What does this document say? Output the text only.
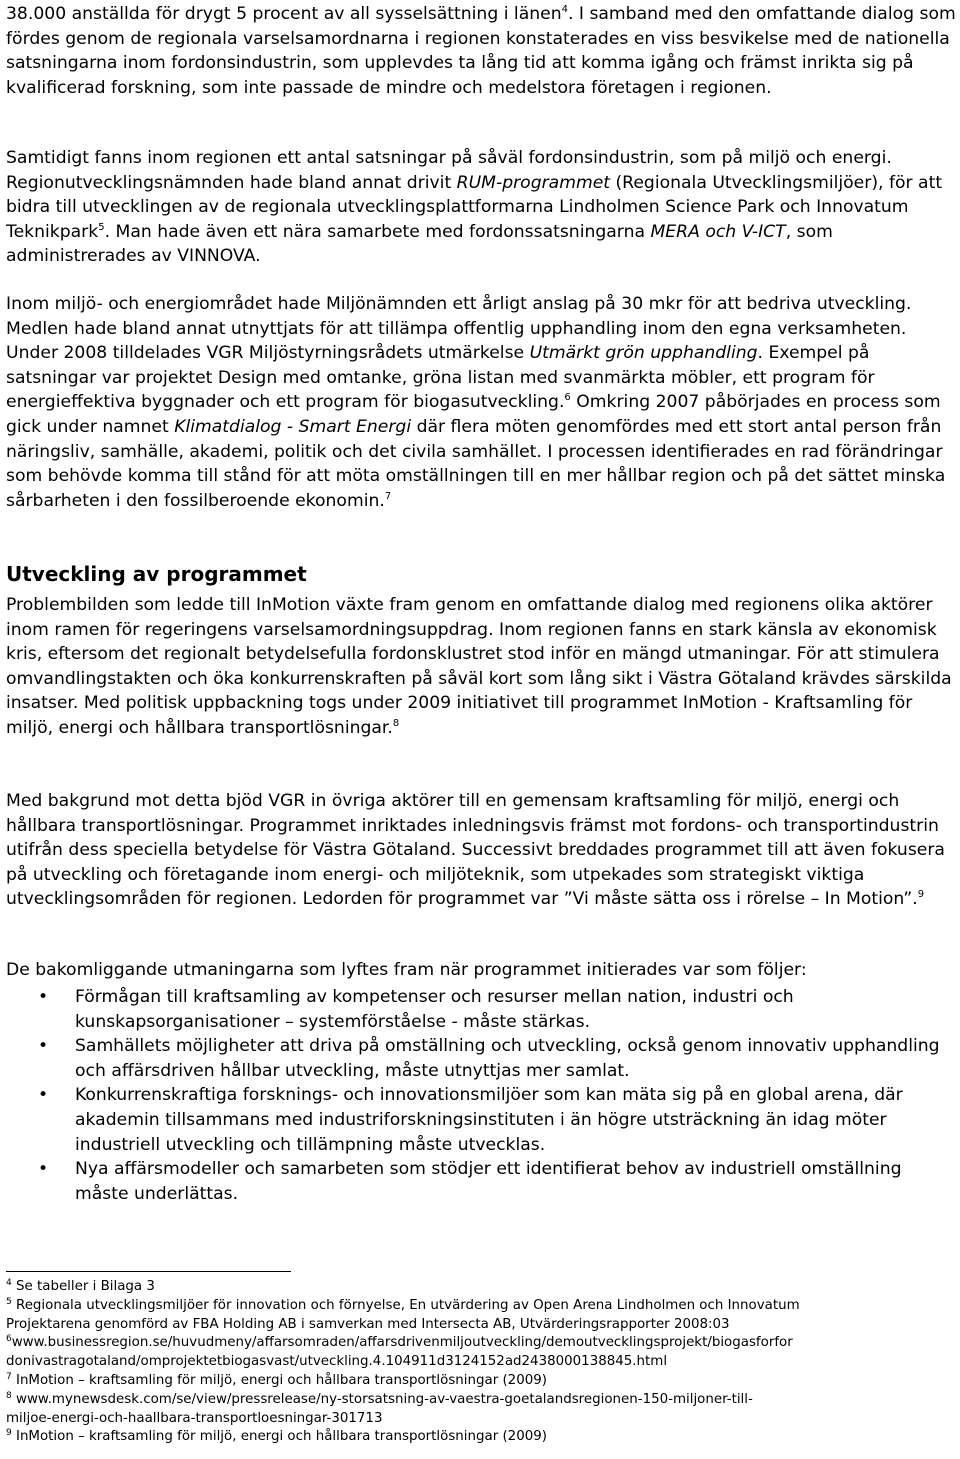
38.000 anställda för drygt 5 procent av all sysselsättning i länen$^4$. I samband med den omfattande dialog som fördes genom de regionala varselsamordnarna i regionen konstaterades en viss besvikelse med de nationella satsningarna inom fordonsindustrin, som upplevdes ta lång tid att komma igång och främst inrikta sig på kvalificerad forskning, som inte passade de mindre och medelstora företagen i regionen.

Samtidigt fanns inom regionen ett antal satsningar på såväl fordonsindustrin, som på miljö och energi. Regionutvecklingsnämnden hade bland annat drivit RUM-programmet (Regionala Utvecklingsmiljöer), för att bidra till utvecklingen av de regionala utvecklingsplattformarna Lindholmen Science Park och Innovatum Teknikpark$^5$. Man hade även ett nära samarbete med fordonssatsningarna MERA och V-ICT, som administrerades av VINNOVA.

Inom miljö- och energiområdet hade Miljönämnden ett årligt anslag på 30 mkr för att bedriva utveckling. Medlen hade bland annat utnyttjats för att tillämpa offentlig upphandling inom den egna verksamheten. Under 2008 tilldelades VGR Miljöstyrningsrådets utmärkelse Utmärkt grön upphandling. Exempel på satsningar var projektet Design med omtanke, gröna listan med svanmärkta möbler, ett program för energieffektiva byggnader och ett program för biogasutveckling.$^6$ Omkring 2007 påbörjades en process som gick under namnet Klimatdialog - Smart Energi där flera möten genomfördes med ett stort antal person från näringsliv, samhälle, akademi, politik och det civila samhället. I processen identifierades en rad förändringar som behövde komma till stånd för att möta omställningen till en mer hållbar region och på det sättet minska sårbarheten i den fossilberoende ekonomin.$^7$

Utveckling av programmet

Problembilden som ledde till InMotion växte fram genom en omfattande dialog med regionens olika aktörer inom ramen för regeringens varselsamordningsuppdrag. Inom regionen fanns en stark känsla av ekonomisk kris, eftersom det regionalt betydelsefulla fordonsklustret stod inför en mängd utmaningar. För att stimulera omvandlingstakten och öka konkurrenskraften på såväl kort som lång sikt i Västra Götaland krävdes särskilda insatser. Med politisk uppbackning togs under 2009 initiativet till programmet InMotion - Kraftsamling för miljö, energi och hållbara transportlösningar.$^8$

Med bakgrund mot detta bjöd VGR in övriga aktörer till en gemensam kraftsamling för miljö, energi och hållbara transportlösningar. Programmet inriktades inledningsvis främst mot fordons- och transportindustrin utifrån dess speciella betydelse för Västra Götaland. Successivt breddades programmet till att även fokusera på utveckling och företagande inom energi- och miljöteknik, som utpekades som strategiskt viktiga utvecklingsområden för regionen. Ledorden för programmet var ”Vi måste sätta oss i rörelse – In Motion”.$^9$

De bakomliggande utmaningarna som lyftes fram när programmet initierades var som följer:

• Förmågan till kraftsamling av kompetenser och resurser mellan nation, industri och kunskapsorganisationer – systemförståelse - måste stärkas.
• Samhällets möjligheter att driva på omställning och utveckling, också genom innovativ upphandling och affärsdriven hållbar utveckling, måste utnyttjas mer samlat.
• Konkurrenskraftiga forsknings- och innovationsmiljöer som kan mäta sig på en global arena, där akademin tillsammans med industriforskningsinstituten i än högre utsträckning än idag möter industriell utveckling och tillämpning måste utvecklas.
• Nya affärsmodeller och samarbeten som stödjer ett identifierat behov av industriell omställning måste underlättas.
$^4$ Se tabeller i Bilaga 3
$^5$ Regionala utvecklingsmiljöer för innovation och förnyelse, En utvärdering av Open Arena Lindholmen och Innovatum
Projektarena genomförd av FBA Holding AB i samverkan med Intersecta AB, Utvärderingsrapporter 2008:03
$^6$www.businessregion.se/huvudmeny/affarsomraden/affarsdrivenmiljoutveckling/demoutvecklingsprojekt/biogasforfor
donivastragotaland/omprojektetbiogasvast/utveckling.4.104911d3124152ad2438000138845.html
$^7$ InMotion – kraftsamling för miljö, energi och hållbara transportlösningar (2009)
$^8$ www.mynewsdesk.com/se/view/pressrelease/ny-storsatsning-av-vaestra-goetalandsregionen-150-miljoner-till-
miljoe-energi-och-haallbara-transportloesningar-301713
$^9$ InMotion – kraftsamling för miljö, energi och hållbara transportlösningar (2009)
